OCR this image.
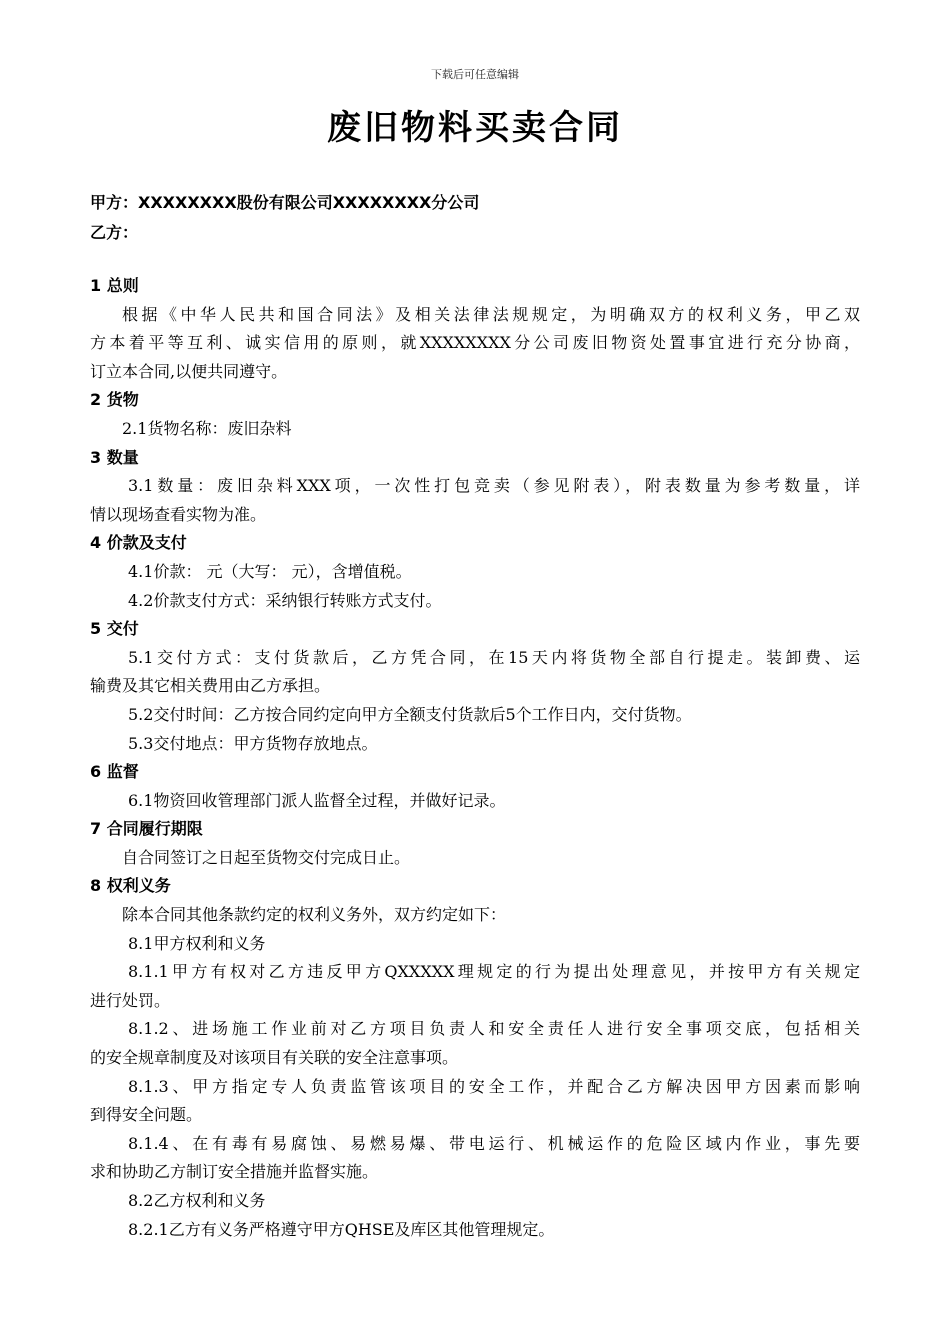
下载后可任意编辑
废旧物料买卖合同
甲方：XXXXXXXX股份有限公司XXXXXXXX分公司
乙方：
1 总则
根据《中华人民共和国合同法》及相关法律法规规定，为明确双方的权利义务，甲乙双
方本着平等互利、诚实信用的原则，就XXXXXXXX分公司废旧物资处置事宜进行充分协商，
订立本合同,以便共同遵守。
2 货物
2.1货物名称：废旧杂料
3 数量
3.1数量：废旧杂料XXX项，一次性打包竞卖（参见附表），附表数量为参考数量，详
情以现场查看实物为准。
4 价款及支付
4.1价款： 元（大写： 元），含增值税。
4.2价款支付方式：采纳银行转账方式支付。
5 交付
5.1交付方式：支付货款后，乙方凭合同，在15天内将货物全部自行提走。装卸费、运
输费及其它相关费用由乙方承担。
5.2交付时间：乙方按合同约定向甲方全额支付货款后5个工作日内，交付货物。
5.3交付地点：甲方货物存放地点。
6 监督
6.1物资回收管理部门派人监督全过程，并做好记录。
7 合同履行期限
自合同签订之日起至货物交付完成日止。
8 权利义务
除本合同其他条款约定的权利义务外，双方约定如下：
8.1甲方权利和义务
8.1.1甲方有权对乙方违反甲方QXXXXX理规定的行为提出处理意见，并按甲方有关规定
进行处罚。
8.1.2、进场施工作业前对乙方项目负责人和安全责任人进行安全事项交底，包括相关
的安全规章制度及对该项目有关联的安全注意事项。
8.1.3、甲方指定专人负责监管该项目的安全工作，并配合乙方解决因甲方因素而影响
到得安全问题。
8.1.4、在有毒有易腐蚀、易燃易爆、带电运行、机械运作的危险区域内作业，事先要
求和协助乙方制订安全措施并监督实施。
8.2乙方权利和义务
8.2.1乙方有义务严格遵守甲方QHSE及库区其他管理规定。
